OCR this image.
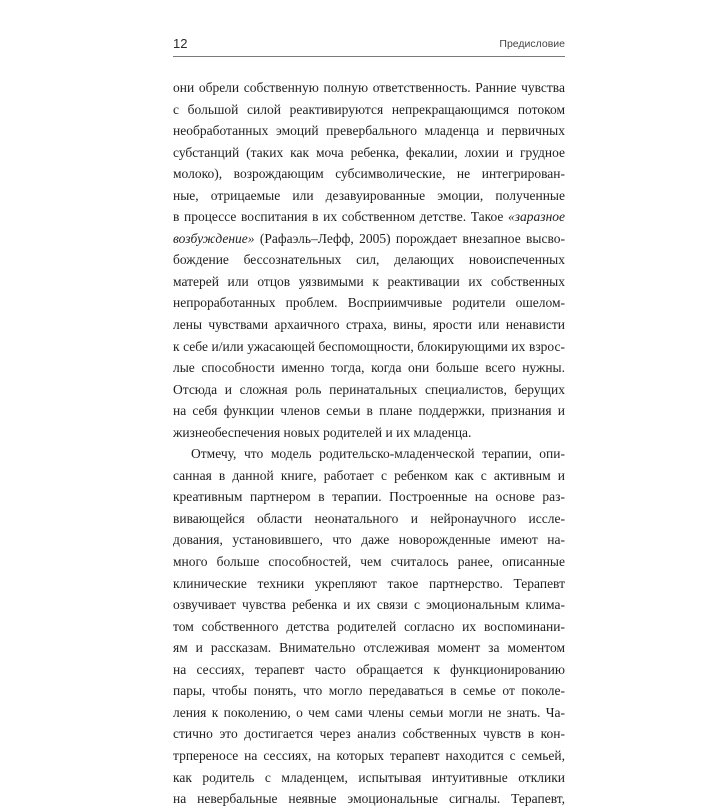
12	Предисловие
они обрели собственную полную ответственность. Ранние чувства
с большой силой реактивируются непрекращающимся потоком
необработанных эмоций превербального младенца и первичных
субстанций (таких как моча ребенка, фекалии, лохии и грудное
молоко), возрождающим субсимволические, не интегрирован-
ные, отрицаемые или дезавуированные эмоции, полученные
в процессе воспитания в их собственном детстве. Такое «заразное
возбуждение» (Рафаэль–Лефф, 2005) порождает внезапное высво-
бождение бессознательных сил, делающих новоиспеченных
матерей или отцов уязвимыми к реактивации их собственных
непроработанных проблем. Восприимчивые родители ошелом-
лены чувствами архаичного страха, вины, ярости или ненависти
к себе и/или ужасающей беспомощности, блокирующими их взрос-
лые способности именно тогда, когда они больше всего нужны.
Отсюда и сложная роль перинатальных специалистов, берущих
на себя функции членов семьи в плане поддержки, признания и
жизнеобеспечения новых родителей и их младенца.
Отмечу, что модель родительско-младенческой терапии, опи-
санная в данной книге, работает с ребенком как с активным и
креативным партнером в терапии. Построенные на основе раз-
вивающейся области неонатального и нейронаучного иссле-
дования, установившего, что даже новорожденные имеют на-
много больше способностей, чем считалось ранее, описанные
клинические техники укрепляют такое партнерство. Терапевт
озвучивает чувства ребенка и их связи с эмоциональным клима-
том собственного детства родителей согласно их воспоминани-
ям и рассказам. Внимательно отслеживая момент за моментом
на сессиях, терапевт часто обращается к функционированию
пары, чтобы понять, что могло передаваться в семье от поколе-
ления к поколению, о чем сами члены семьи могли не знать. Ча-
стично это достигается через анализ собственных чувств в кон-
трпереносе на сессиях, на которых терапевт находится с семьей,
как родитель с младенцем, испытывая интуитивные отклики
на невербальные неявные эмоциональные сигналы. Терапевт,
